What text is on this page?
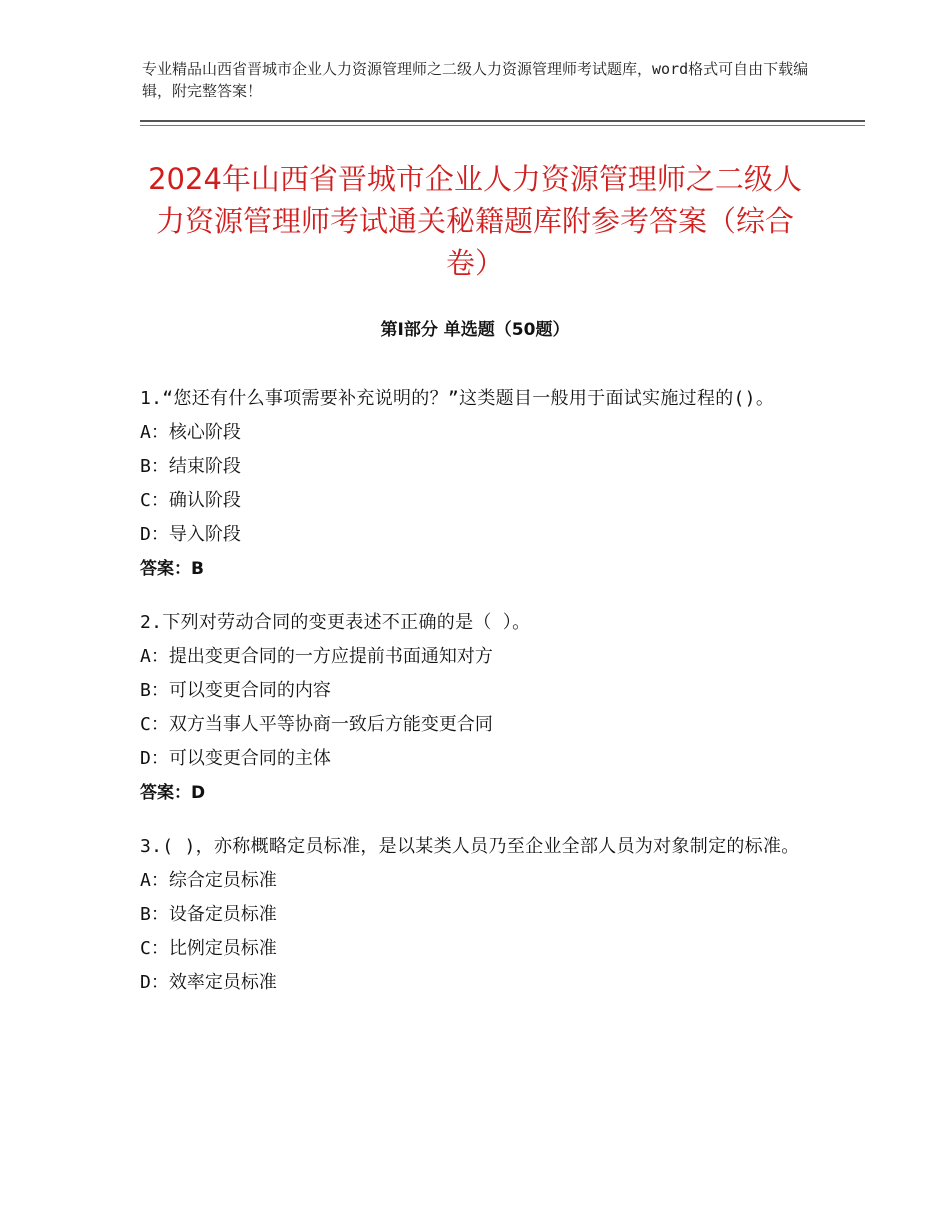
专业精品山西省晋城市企业人力资源管理师之二级人力资源管理师考试题库，word格式可自由下载编辑，附完整答案！
2024年山西省晋城市企业人力资源管理师之二级人力资源管理师考试通关秘籍题库附参考答案（综合卷）
第Ⅰ部分 单选题（50题）
1.“您还有什么事项需要补充说明的？”这类题目一般用于面试实施过程的()。
A：核心阶段
B：结束阶段
C：确认阶段
D：导入阶段
答案：B
2.下列对劳动合同的变更表述不正确的是（ ）。
A：提出变更合同的一方应提前书面通知对方
B：可以变更合同的内容
C：双方当事人平等协商一致后方能变更合同
D：可以变更合同的主体
答案：D
3.( )，亦称概略定员标准，是以某类人员乃至企业全部人员为对象制定的标准。
A：综合定员标准
B：设备定员标准
C：比例定员标准
D：效率定员标准
